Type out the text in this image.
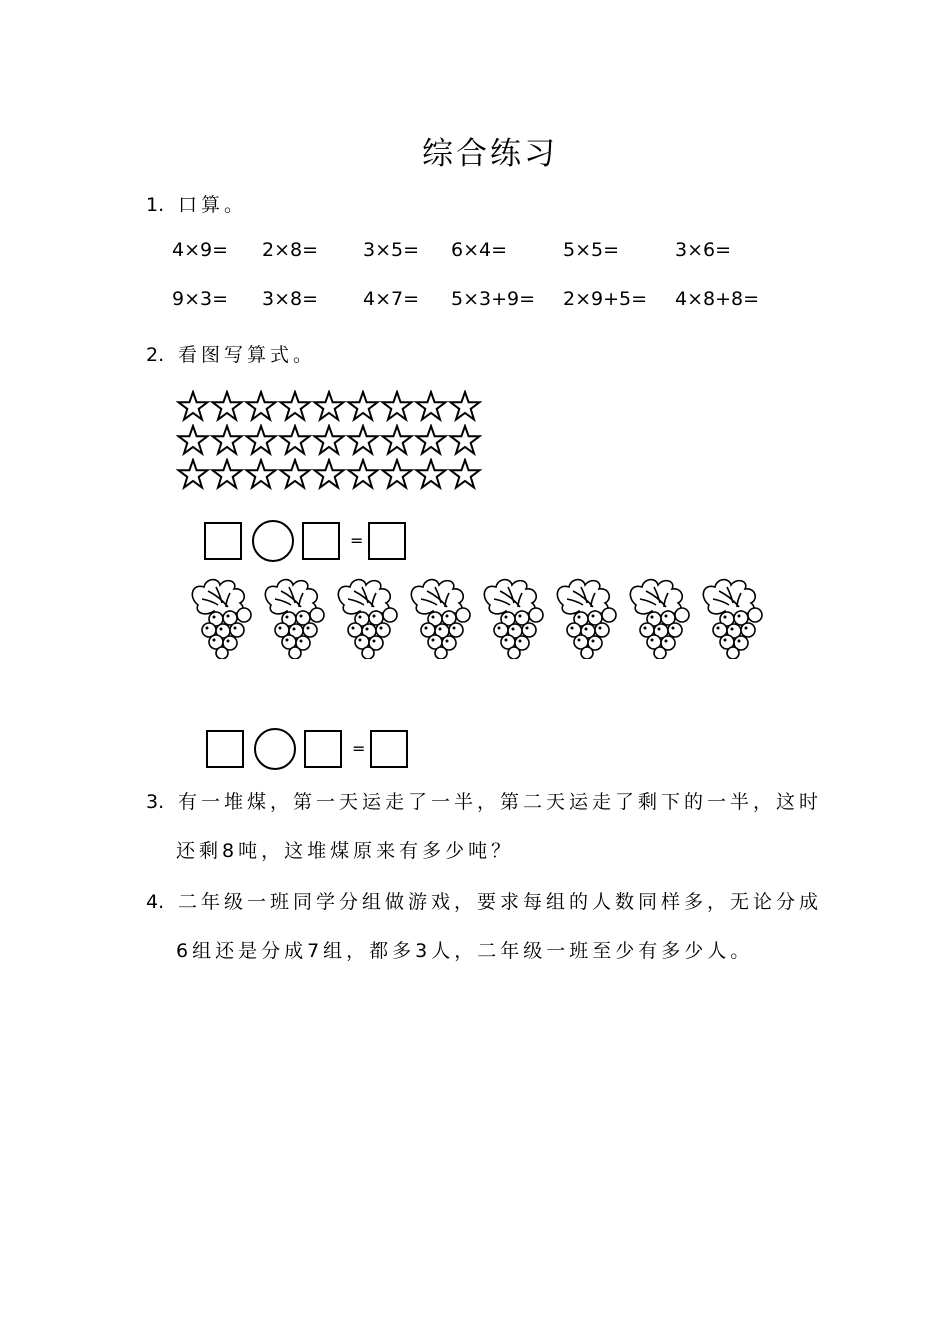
综合练习
1. 口算。
4×9= 2×8= 3×5= 6×4=	5×5=	3×6=
9×3= 3×8= 4×7= 5×3+9= 2×9+5= 4×8+8=
2. 看图写算式。
=
=
3. 有一堆煤，第一天运走了一半，第二天运走了剩下的一半，这时
还剩8吨，这堆煤原来有多少吨？
4. 二年级一班同学分组做游戏，要求每组的人数同样多，无论分成
6组还是分成7组，都多3人，二年级一班至少有多少人。
